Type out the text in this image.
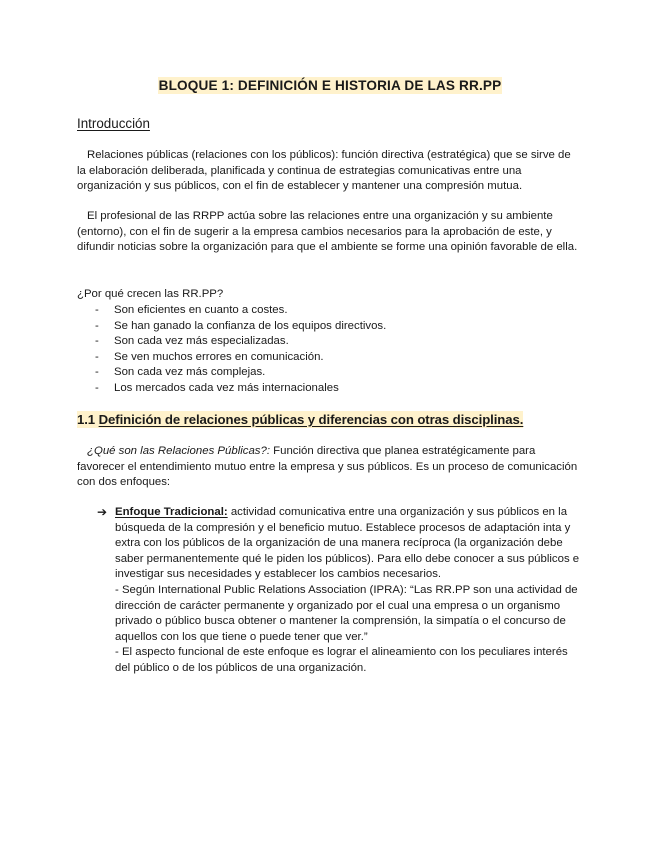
BLOQUE 1: DEFINICIÓN E HISTORIA DE LAS RR.PP
Introducción

Relaciones públicas (relaciones con los públicos): función directiva (estratégica) que se sirve de la elaboración deliberada, planificada y continua de estrategias comunicativas entre una organización y sus públicos, con el fin de establecer y mantener una compresión mutua.

El profesional de las RRPP actúa sobre las relaciones entre una organización y su ambiente (entorno), con el fin de sugerir a la empresa cambios necesarios para la aprobación de este, y difundir noticias sobre la organización para que el ambiente se forme una opinión favorable de ella.

¿Por qué crecen las RR.PP?

- Son eficientes en cuanto a costes.
- Se han ganado la confianza de los equipos directivos.
- Son cada vez más especializadas.
- Se ven muchos errores en comunicación.
- Son cada vez más complejas.
- Los mercados cada vez más internacionales
1.1 Definición de relaciones públicas y diferencias con otras disciplinas.

¿Qué son las Relaciones Públicas?: Función directiva que planea estratégicamente para favorecer el entendimiento mutuo entre la empresa y sus públicos. Es un proceso de comunicación con dos enfoques:

➔ Enfoque Tradicional: actividad comunicativa entre una organización y sus públicos en la búsqueda de la compresión y el beneficio mutuo. Establece procesos de adaptación inta y extra con los públicos de la organización de una manera recíproca (la organización debe saber permanentemente qué le piden los públicos). Para ello debe conocer a sus públicos e investigar sus necesidades y establecer los cambios necesarios.

- Según International Public Relations Association (IPRA): “Las RR.PP son una actividad de dirección de carácter permanente y organizado por el cual una empresa o un organismo privado o público busca obtener o mantener la comprensión, la simpatía o el concurso de aquellos con los que tiene o puede tener que ver.”

- El aspecto funcional de este enfoque es lograr el alineamiento con los peculiares interés del público o de los públicos de una organización.
